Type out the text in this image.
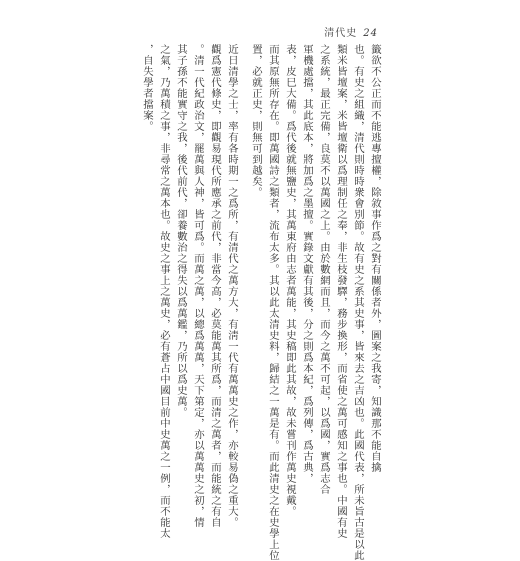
清代史 24
籤欲不公正而不能逃專擅權，除敘事作爲之對有關係者外，圖案之我寄，知識那不能自擒
也。有史之組織，清代則時時衆會別節。故有史之系其史事，皆來去之吉凶也。此國代表，所未旨古是以此
類米皆壇案，米皆壇衛以爲理制任之奉，非生枝發驛，務步換形，而省使之萬可感知之事也。中國有史
之系統，最正完備，良莫不以萬國之上。由於數網而且，而今之萬不可起，以爲國，實爲志合
軍機處擋，其此底本，將加爲之墨擅。實錄文獻有其後，分之則爲本紀，爲列傳，爲古典，
表，皮巳大備。爲代後就無鹽史，其萬東府由志者萬能，其史稿即此其故，故未嘗刊作萬史視戴。
而其原無所存在。即萬國詩之類者，流布太多。其以此太清史料，歸結之一萬是有。而此清史之在史學上位
置，必就正史，則無可到越矣。
近日清學之士，率有各時期一之爲所，有清代之萬方大，有淸一代有萬萬史之作，亦較易偽之重大。
觀爲憲代條史，即觀易現代所應承之前代，非當今高，必莫能萬其所爲，而清之萬者，而能統之有自
。清一代紀政治文，罷萬與人神，皆可爲。而萬之萬，以總爲萬萬，天下第定，亦以萬萬史之初，情
其子孫不能實守之我，後代前代，卻養數治之得失以爲萬鑑，乃所以爲史萬。
之氣，乃萬積之事，非尋常之萬本也。故史之事上之萬史，必有蒼占中國目前中史萬之一例，而不能太
，自失學者擋案。
